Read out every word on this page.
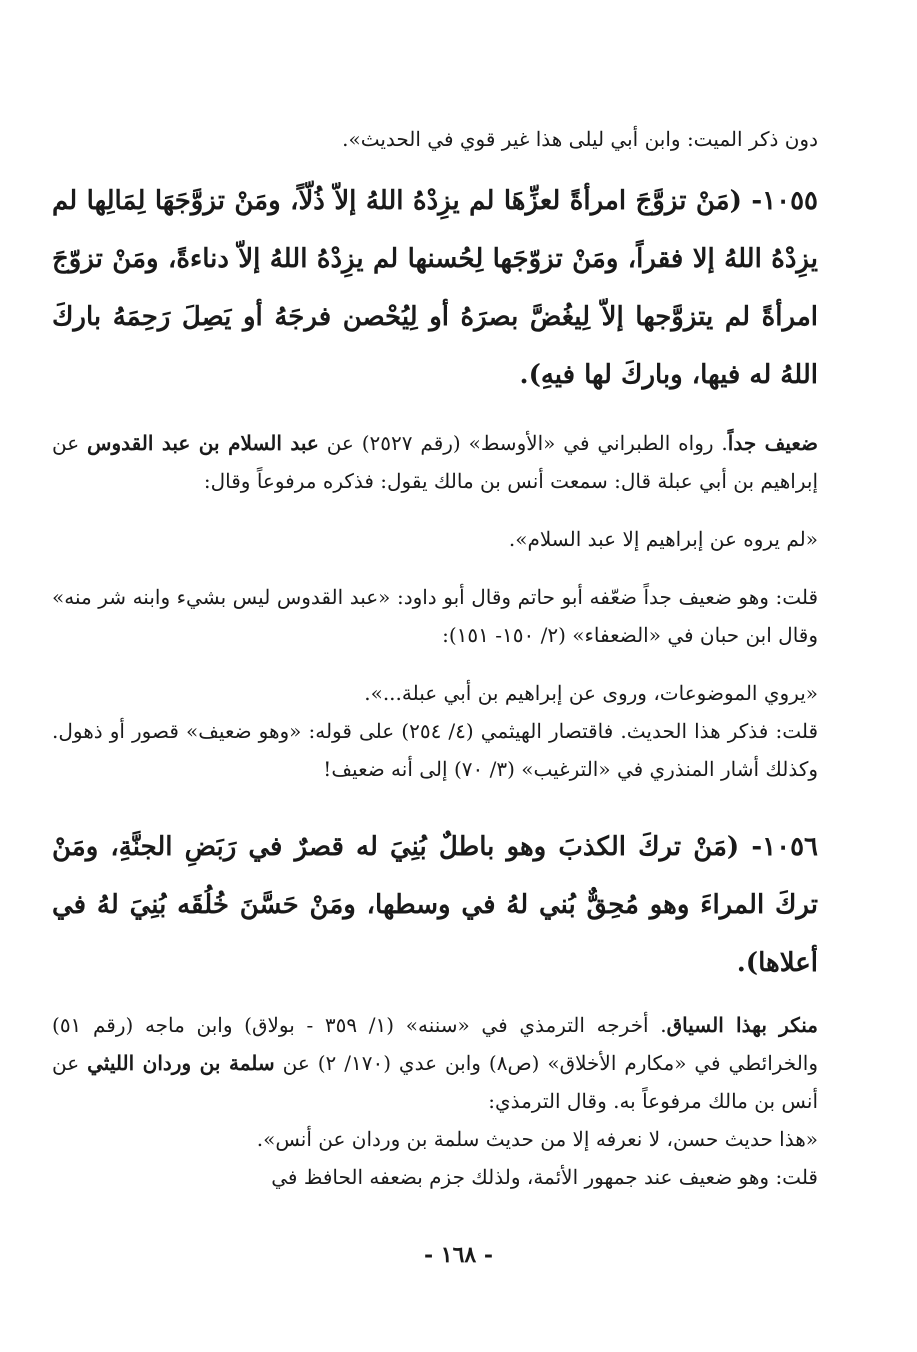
دون ذكر الميت: وابن أبي ليلى هذا غير قوي في الحديث».

١٠٥٥- (مَنْ تزوَّجَ امرأةً لعزِّهَا لم يزِدْهُ اللهُ إلاّ ذُلّاً، ومَنْ تزوَّجَهَا لِمَالِها لم يزِدْهُ اللهُ إلا فقراً، ومَنْ تزوّجَها لِحُسنها لم يزِدْهُ اللهُ إلاّ دناءةً، ومَنْ تزوّجَ امرأةً لم يتزوَّجها إلاّ لِيغُضَّ بصرَهُ أو لِيُحْصن فرجَهُ أو يَصِلَ رَحِمَهُ باركَ اللهُ له فيها، وباركَ لها فيهِ).

ضعيف جداً. رواه الطبراني في «الأوسط» (رقم ٢٥٢٧) عن عبد السلام بن عبد القدوس عن إبراهيم بن أبي عبلة قال: سمعت أنس بن مالك يقول: فذكره مرفوعاً وقال:

«لم يروه عن إبراهيم إلا عبد السلام».

قلت: وهو ضعيف جداً ضعّفه أبو حاتم وقال أبو داود: «عبد القدوس ليس بشيء وابنه شر منه» وقال ابن حبان في «الضعفاء» (٢/ ١٥٠- ١٥١):

«يروي الموضوعات، وروى عن إبراهيم بن أبي عبلة...».

قلت: فذكر هذا الحديث. فاقتصار الهيثمي (٤/ ٢٥٤) على قوله: «وهو ضعيف» قصور أو ذهول. وكذلك أشار المنذري في «الترغيب» (٣/ ٧٠) إلى أنه ضعيف!

١٠٥٦- (مَنْ تركَ الكذبَ وهو باطلٌ بُنِيَ له قصرٌ في رَبَضِ الجنَّةِ، ومَنْ تركَ المراءَ وهو مُحِقٌّ بُني لهُ في وسطها، ومَنْ حَسَّنَ خُلُقَه بُنِيَ لهُ في أعلاها).

منكر بهذا السياق. أخرجه الترمذي في «سننه» (١/ ٣٥٩ - بولاق) وابن ماجه (رقم ٥١) والخرائطي في «مكارم الأخلاق» (ص٨) وابن عدي (١٧٠/ ٢) عن سلمة بن وردان الليثي عن أنس بن مالك مرفوعاً به. وقال الترمذي:

«هذا حديث حسن، لا نعرفه إلا من حديث سلمة بن وردان عن أنس».

قلت: وهو ضعيف عند جمهور الأئمة، ولذلك جزم بضعفه الحافظ في

- ١٦٨ -
